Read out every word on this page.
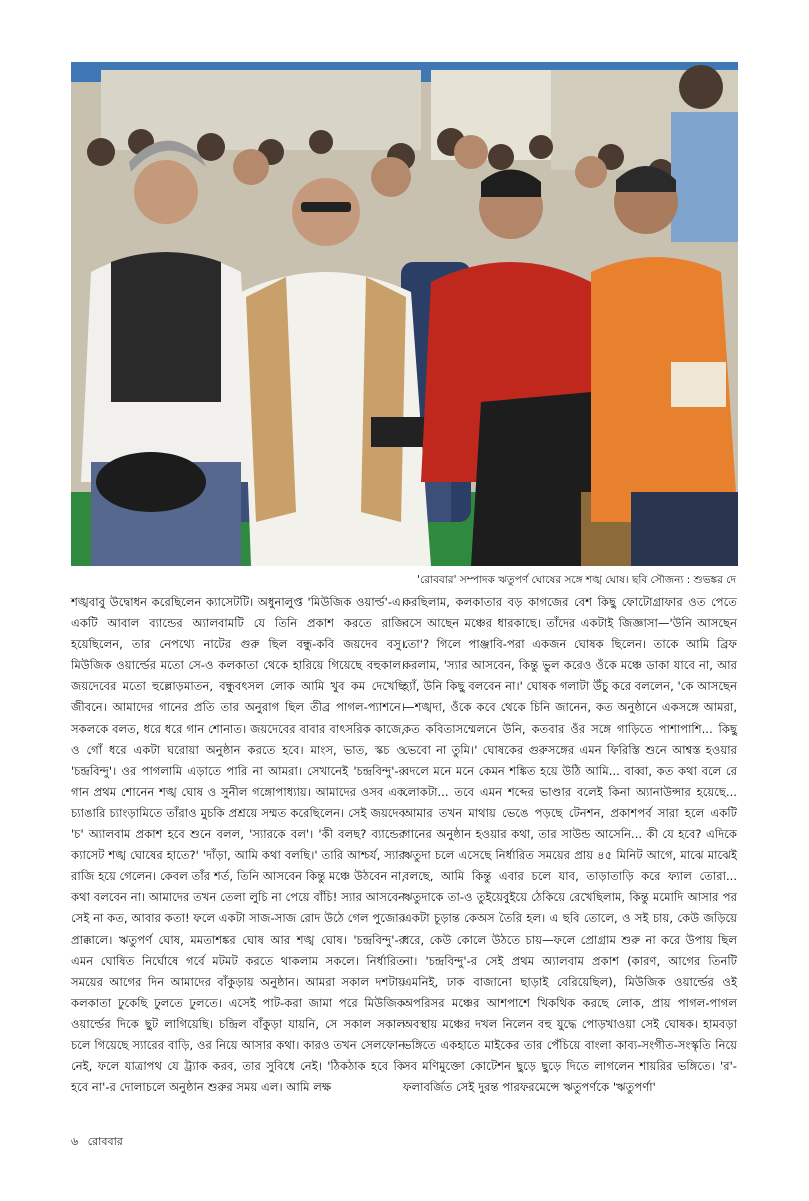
'রোববার' সম্পাদক ঋতুপর্ণ ঘোষের সঙ্গে শঙ্খ ঘোষ। ছবি সৌজন্য : শুভঙ্কর দে

শঙ্খবাবু উদ্বোধন করেছিলেন ক্যাসেটটি। অধুনালুপ্ত 'মিউজিক ওয়ার্ল্ড'-এ। একটি আবাল ব্যান্ডের অ্যালবামটি যে তিনি প্রকাশ করতে রাজি হয়েছিলেন, তার নেপথ্যে নাটের গুরু ছিল বন্ধু-কবি জয়দেব বসু। মিউজিক ওয়ার্ল্ডের মতো সে-ও কলকাতা থেকে হারিয়ে গিয়েছে বহুকাল। জয়দেবের মতো হুল্লোড়মাতন, বন্ধুবৎসল লোক আমি খুব কম দেখেছি জীবনে। আমাদের গানের প্রতি তার অনুরাগ ছিল তীব্র পাগল-প্যাশনে। সকলকে বলত, ধরে ধরে গান শোনাত। জয়দেবের বাবার বাৎসরিক কাজে, ও গোঁ ধরে একটা ঘরোয়া অনুষ্ঠান করতে হবে। মাংস, ভাত, স্কচ ও 'চন্দ্রবিন্দু'। ওর পাগলামি এড়াতে পারি না আমরা। সেখানেই 'চন্দ্রবিন্দু'-র গান প্রথম শোনেন শঙ্খ ঘোষ ও সুনীল গঙ্গোপাধ্যায়। আমাদের ওসব এক চ্যাঙারি চ্যাংড়ামিতে তাঁরাও মুচকি প্রশ্রয়ে সম্মত করেছিলেন। সেই জয়দেব 'চ' অ্যালবাম প্রকাশ হবে শুনে বলল, 'স্যারকে বল'। 'কী বলছ? ব্যান্ডের ক্যাসেট শঙ্খ ঘোষের হাতে?' 'দাঁড়া, আমি কথা বলছি।' তারি আশ্চর্য, স্যার রাজি হয়ে গেলেন। কেবল তাঁর শর্ত, তিনি আসবেন কিন্তু মঞ্চে উঠবেন না, কথা বলবেন না। আমাদের তখন তেলা লুচি না পেয়ে বাঁচি! স্যার আসবেন সেই না কত, আবার কতা! ফলে একটা সাজ-সাজ রোদ উঠে গেল পুজোর প্রাক্কালে। ঋতুপর্ণ ঘোষ, মমতাশঙ্কর ঘোষ আর শঙ্খ ঘোষ। 'চন্দ্রবিন্দু'-র এমন ঘোষিত নির্ঘোষে গর্বে মটমট করতে থাকলাম সকলে। নির্ধারিত সময়ের আগের দিন আমাদের বাঁকুড়ায় অনুষ্ঠান। আমরা সকাল দশটায় কলকাতা ঢুকেছি ঢুলতে ঢুলতে। এসেই পাট-করা জামা পরে মিউজিক ওয়ার্ল্ডের দিকে ছুট লাগিয়েছি। চন্দ্রিল বাঁকুড়া যায়নি, সে সকাল সকাল চলে গিয়েছে স্যারের বাড়ি, ওর নিয়ে আসার কথা। কারও তখন সেলফোন নেই, ফলে যাত্রাপথ যে ট্র্যাক করব, তার সুবিধে নেই। 'ঠিকঠাক হবে কি হবে না'-র দোলাচলে অনুষ্ঠান শুরুর সময় এল। আমি লক্ষ

করছিলাম, কলকাতার বড় কাগজের বেশ কিছু ফোটোগ্রাফার ওত পেতে বসে আছেন মঞ্চের ধারকাছে। তাঁদের একটাই জিজ্ঞাসা—'উনি আসছেন তো'? গিলে পাঞ্জাবি-পরা একজন ঘোষক ছিলেন। তাকে আমি ব্রিফ করলাম, 'স্যার আসবেন, কিন্তু ভুল করেও ওঁকে মঞ্চে ডাকা যাবে না, আর হ্যাঁ, উনি কিছু বলবেন না।' ঘোষক গলাটা উঁচু করে বললেন, 'কে আসছেন—শঙ্খদা, ওঁকে কবে থেকে চিনি জানেন, কত অনুষ্ঠানে একসঙ্গে আমরা, কত কবিতাসম্মেলনে উনি, কতবার ওঁর সঙ্গে গাড়িতে পাশাপাশি... কিছু ভেবো না তুমি।' ঘোষকের গুরুসঙ্গের এমন ফিরিস্তি শুনে আশ্বস্ত হওয়ার বদলে মনে মনে কেমন শঙ্কিত হয়ে উঠি আমি... বাব্বা, কত কথা বলে রে লোকটা... তবে এমন শব্দের ভাণ্ডার বলেই কিনা অ্যানাউন্সার হয়েছে... আমার তখন মাথায় ভেঙে পড়ছে টেনশন, প্রকাশপর্ব সারা হলে একটি গানের অনুষ্ঠান হওয়ার কথা, তার সাউন্ড আসেনি... কী যে হবে? এদিকে ঋতুদা চলে এসেছে নির্ধারিত সময়ের প্রায় ৪৫ মিনিট আগে, মাঝে মাঝেই বলছে, আমি কিন্তু এবার চলে যাব, তাড়াতাড়ি করে ফ্যাল তোরা... ঋতুদাকে তা-ও তুইয়েবুইয়ে ঠেকিয়ে রেখেছিলাম, কিন্তু মমোদি আসার পর একটা চূড়ান্ত কেঅস তৈরি হল। এ ছবি তোলে, ও সই চায়, কেউ জড়িয়ে ধরে, কেউ কোলে উঠতে চায়—ফলে প্রোগ্রাম শুরু না করে উপায় ছিল না। 'চন্দ্রবিন্দু'-র সেই প্রথম অ্যালবাম প্রকাশ (কারণ, আগের তিনটি এমনিই, ঢাক বাজানো ছাড়াই বেরিয়েছিল), মিউজিক ওয়ার্ল্ডের ওই অপরিসর মঞ্চের আশপাশে খিকথিক করছে লোক, প্রায় পাগল-পাগল অবস্থায় মঞ্চের দখল নিলেন বহু যুদ্ধে পোড়খাওয়া সেই ঘোষক। হামবড়া ভঙ্গিতে একহাতে মাইকের তার পেঁচিয়ে বাংলা কাব্য-সংগীত-সংস্কৃতি নিয়ে সব মণিমুক্তো কোটেশন ছুড়ে ছুড়ে দিতে লাগলেন শায়রির ভঙ্গিতে। 'র'-ফলাবর্জিত সেই দুরন্ত পারফরমেন্সে ঋতুপর্ণকে 'ঋতুপর্ণা'

৬ রোববার
